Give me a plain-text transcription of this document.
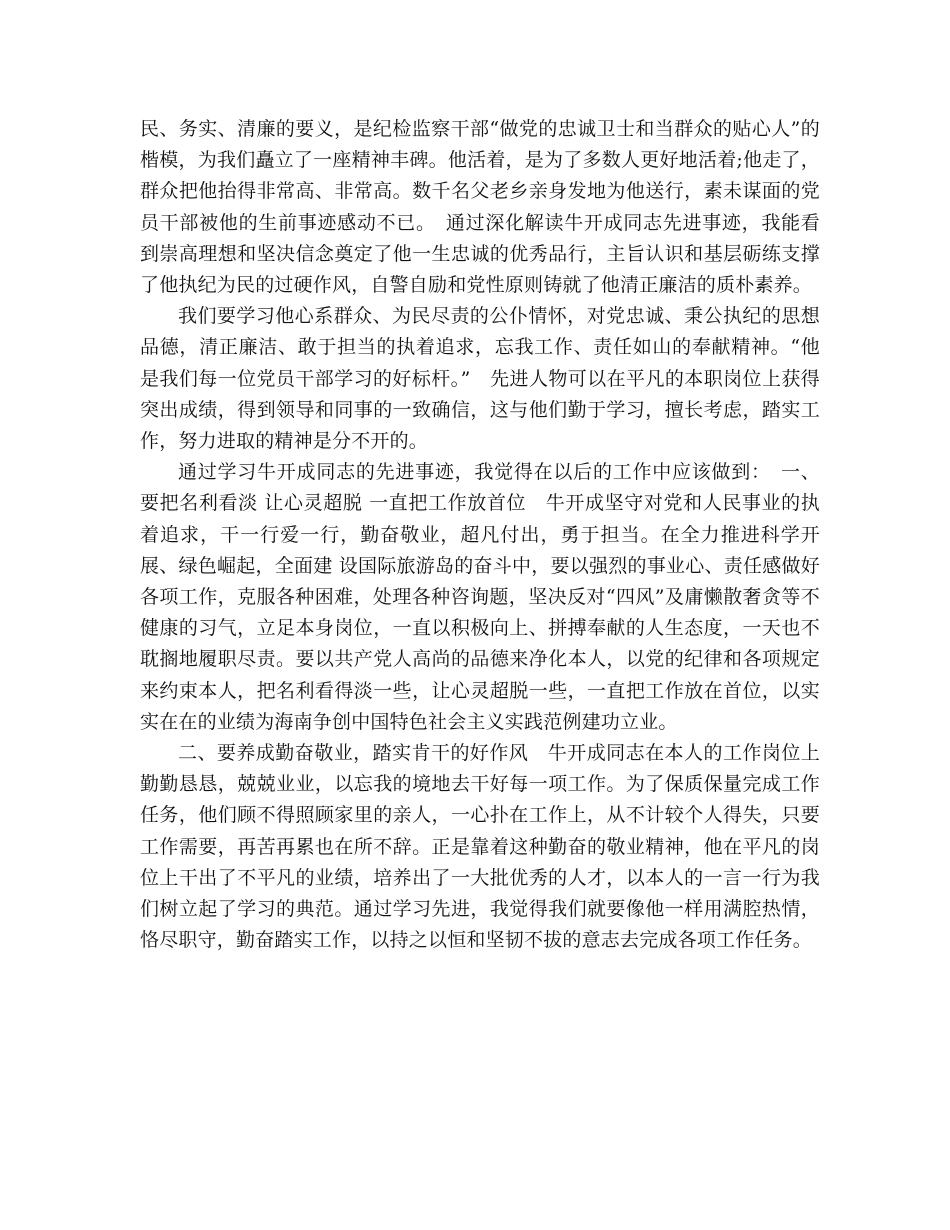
民、务实、清廉的要义，是纪检监察干部“做党的忠诚卫士和当群众的贴心人”的楷模，为我们矗立了一座精神丰碑。他活着，是为了多数人更好地活着;他走了，群众把他抬得非常高、非常高。数千名父老乡亲身发地为他送行，素未谋面的党员干部被他的生前事迹感动不已。　通过深化解读牛开成同志先进事迹，我能看到崇高理想和坚决信念奠定了他一生忠诚的优秀品行，主旨认识和基层砺练支撑了他执纪为民的过硬作风，自警自励和党性原则铸就了他清正廉洁的质朴素养。

我们要学习他心系群众、为民尽责的公仆情怀，对党忠诚、秉公执纪的思想品德，清正廉洁、敢于担当的执着追求，忘我工作、责任如山的奉献精神。“他是我们每一位党员干部学习的好标杆。”　先进人物可以在平凡的本职岗位上获得突出成绩，得到领导和同事的一致确信，这与他们勤于学习，擅长考虑，踏实工作，努力进取的精神是分不开的。

通过学习牛开成同志的先进事迹，我觉得在以后的工作中应该做到：　一、要把名利看淡 让心灵超脱 一直把工作放首位　牛开成坚守对党和人民事业的执着追求，干一行爱一行，勤奋敬业，超凡付出，勇于担当。在全力推进科学开展、绿色崛起，全面建 设国际旅游岛的奋斗中，要以强烈的事业心、责任感做好各项工作，克服各种困难，处理各种咨询题，坚决反对“四风”及庸懒散奢贪等不健康的习气，立足本身岗位，一直以积极向上、拼搏奉献的人生态度，一天也不耽搁地履职尽责。要以共产党人高尚的品德来净化本人，以党的纪律和各项规定来约束本人，把名利看得淡一些，让心灵超脱一些，一直把工作放在首位，以实实在在的业绩为海南争创中国特色社会主义实践范例建功立业。

二、要养成勤奋敬业，踏实肯干的好作风　牛开成同志在本人的工作岗位上勤勤恳恳，兢兢业业，以忘我的境地去干好每一项工作。为了保质保量完成工作任务，他们顾不得照顾家里的亲人，一心扑在工作上，从不计较个人得失，只要工作需要，再苦再累也在所不辞。正是靠着这种勤奋的敬业精神，他在平凡的岗位上干出了不平凡的业绩，培养出了一大批优秀的人才，以本人的一言一行为我们树立起了学习的典范。通过学习先进，我觉得我们就要像他一样用满腔热情，恪尽职守，勤奋踏实工作，以持之以恒和坚韧不拔的意志去完成各项工作任务。
